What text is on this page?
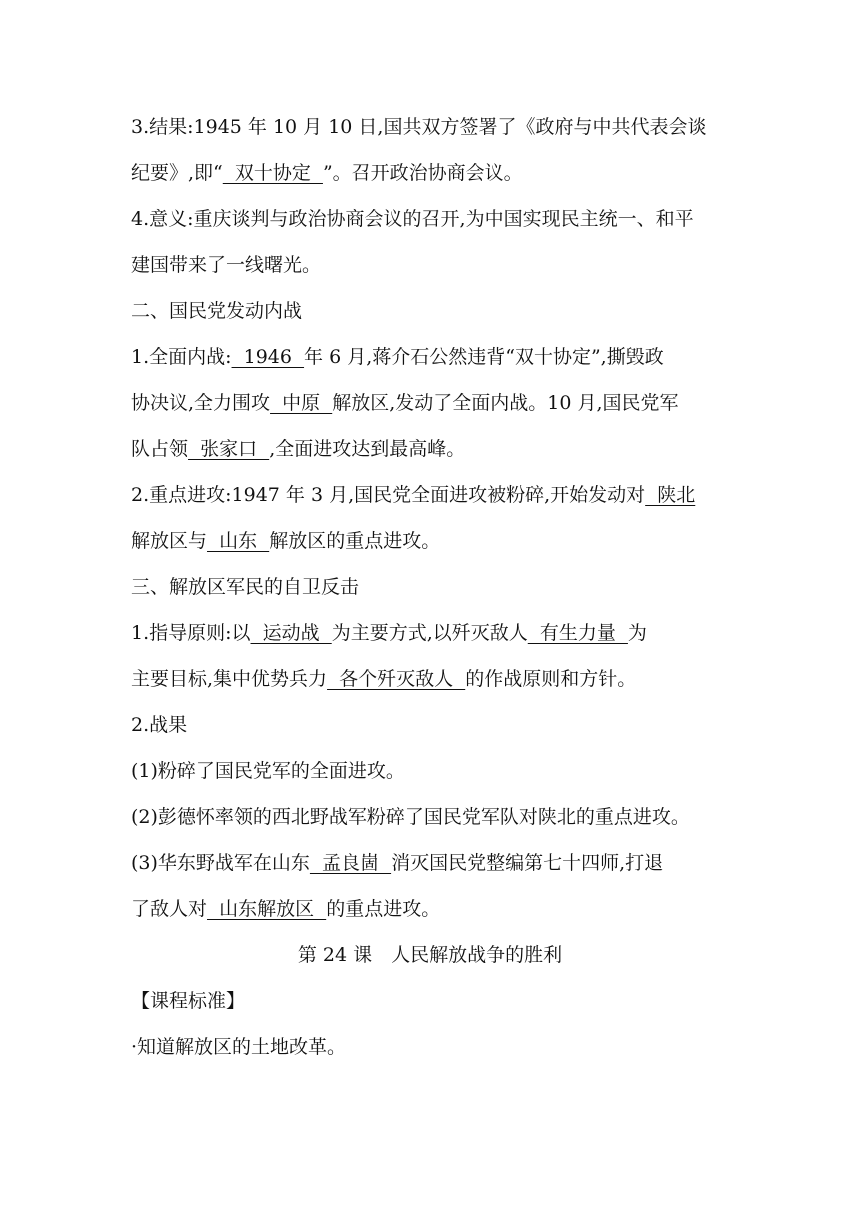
3.结果:1945 年 10 月 10 日,国共双方签署了《政府与中共代表会谈
纪要》,即“  双十协定  ”。召开政治协商会议。
4.意义:重庆谈判与政治协商会议的召开,为中国实现民主统一、和平
建国带来了一线曙光。
二、国民党发动内战
1.全面内战:  1946  年 6 月,蒋介石公然违背“双十协定”,撕毁政
协决议,全力围攻  中原  解放区,发动了全面内战。10 月,国民党军
队占领  张家口  ,全面进攻达到最高峰。
2.重点进攻:1947 年 3 月,国民党全面进攻被粉碎,开始发动对  陕北
解放区与  山东  解放区的重点进攻。
三、解放区军民的自卫反击
1.指导原则:以  运动战  为主要方式,以歼灭敌人  有生力量  为
主要目标,集中优势兵力  各个歼灭敌人  的作战原则和方针。
2.战果
(1)粉碎了国民党军的全面进攻。
(2)彭德怀率领的西北野战军粉碎了国民党军队对陕北的重点进攻。
(3)华东野战军在山东  孟良崮  消灭国民党整编第七十四师,打退
了敌人对  山东解放区  的重点进攻。
第 24 课　人民解放战争的胜利
【课程标准】
·知道解放区的土地改革。
